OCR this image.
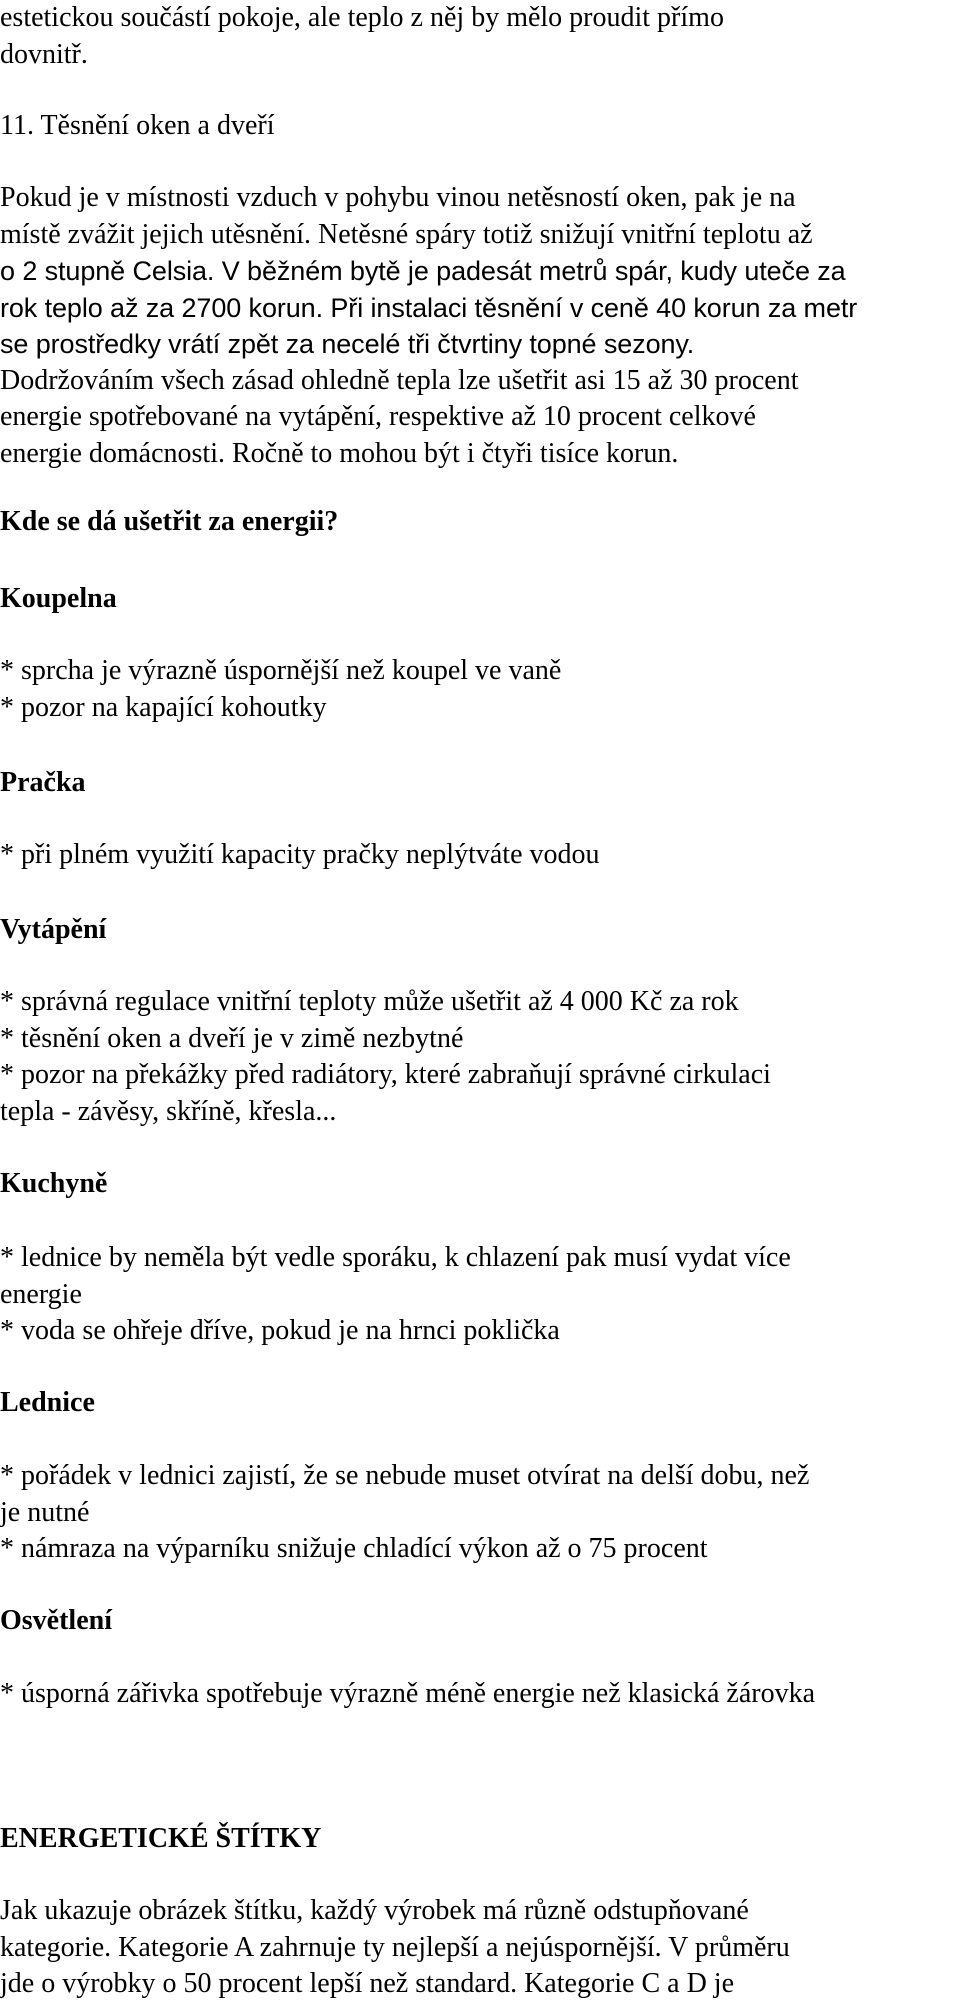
estetickou součástí pokoje, ale teplo z něj by mělo proudit přímo
dovnitř.
11. Těsnění oken a dveří
Pokud je v místnosti vzduch v pohybu vinou netěsností oken, pak je na
místě zvážit jejich utěsnění. Netěsné spáry totiž snižují vnitřní teplotu až
o 2 stupně Celsia. V běžném bytě je padesát metrů spár, kudy uteče za
rok teplo až za 2700 korun. Při instalaci těsnění v ceně 40 korun za metr
se prostředky vrátí zpět za necelé tři čtvrtiny topné sezony.
Dodržováním všech zásad ohledně tepla lze ušetřit asi 15 až 30 procent
energie spotřebované na vytápění, respektive až 10 procent celkové
energie domácnosti. Ročně to mohou být i čtyři tisíce korun.
Kde se dá ušetřit za energii?
Koupelna
* sprcha je výrazně úspornější než koupel ve vaně
* pozor na kapající kohoutky
Pračka
* při plném využití kapacity pračky neplýtváte vodou
Vytápění
* správná regulace vnitřní teploty může ušetřit až 4 000 Kč za rok
* těsnění oken a dveří je v zimě nezbytné
* pozor na překážky před radiátory, které zabraňují správné cirkulaci
tepla - závěsy, skříně, křesla...
Kuchyně
* lednice by neměla být vedle sporáku, k chlazení pak musí vydat více
energie
* voda se ohřeje dříve, pokud je na hrnci poklička
Lednice
* pořádek v lednici zajistí, že se nebude muset otvírat na delší dobu, než
je nutné
* námraza na výparníku snižuje chladící výkon až o 75 procent
Osvětlení
* úsporná zářivka spotřebuje výrazně méně energie než klasická žárovka
ENERGETICKÉ ŠTÍTKY
Jak ukazuje obrázek štítku, každý výrobek má různě odstupňované
kategorie. Kategorie A zahrnuje ty nejlepší a nejúspornější. V průměru
jde o výrobky o 50 procent lepší než standard. Kategorie C a D je
